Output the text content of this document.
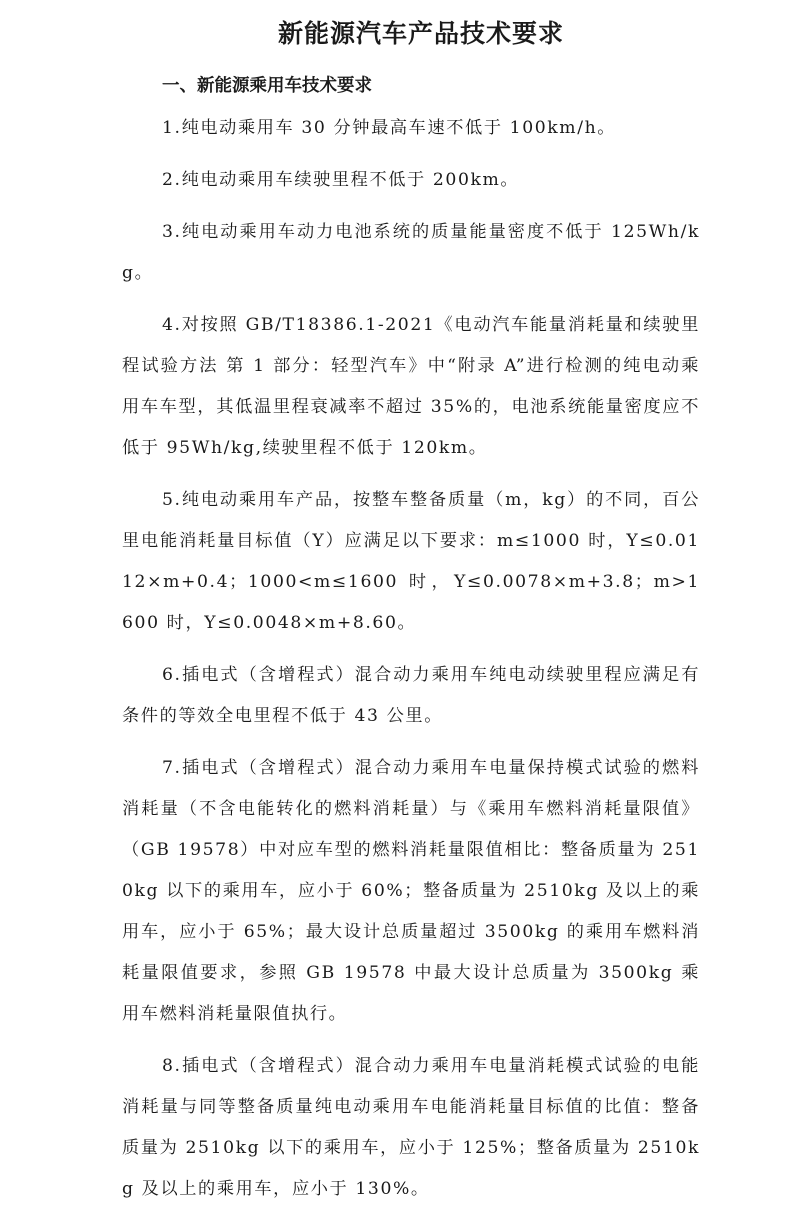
新能源汽车产品技术要求
一、新能源乘用车技术要求

1.纯电动乘用车 30 分钟最高车速不低于 100km/h。

2.纯电动乘用车续驶里程不低于 200km。

3.纯电动乘用车动力电池系统的质量能量密度不低于 125Wh/kg。

4.对按照 GB/T18386.1-2021《电动汽车能量消耗量和续驶里程试验方法 第 1 部分：轻型汽车》中“附录 A”进行检测的纯电动乘用车车型，其低温里程衰减率不超过 35%的，电池系统能量密度应不低于 95Wh/kg,续驶里程不低于 120km。

5.纯电动乘用车产品，按整车整备质量（m，kg）的不同，百公里电能消耗量目标值（Y）应满足以下要求：m≤1000 时，Y≤0.0112×m+0.4；1000<m≤1600 时，Y≤0.0078×m+3.8；m>1600 时，Y≤0.0048×m+8.60。

6.插电式（含增程式）混合动力乘用车纯电动续驶里程应满足有条件的等效全电里程不低于 43 公里。

7.插电式（含增程式）混合动力乘用车电量保持模式试验的燃料消耗量（不含电能转化的燃料消耗量）与《乘用车燃料消耗量限值》（GB 19578）中对应车型的燃料消耗量限值相比：整备质量为 2510kg 以下的乘用车，应小于 60%；整备质量为 2510kg 及以上的乘用车，应小于 65%；最大设计总质量超过 3500kg 的乘用车燃料消耗量限值要求，参照 GB 19578 中最大设计总质量为 3500kg 乘用车燃料消耗量限值执行。

8.插电式（含增程式）混合动力乘用车电量消耗模式试验的电能消耗量与同等整备质量纯电动乘用车电能消耗量目标值的比值：整备质量为 2510kg 以下的乘用车，应小于 125%；整备质量为 2510kg 及以上的乘用车，应小于 130%。
